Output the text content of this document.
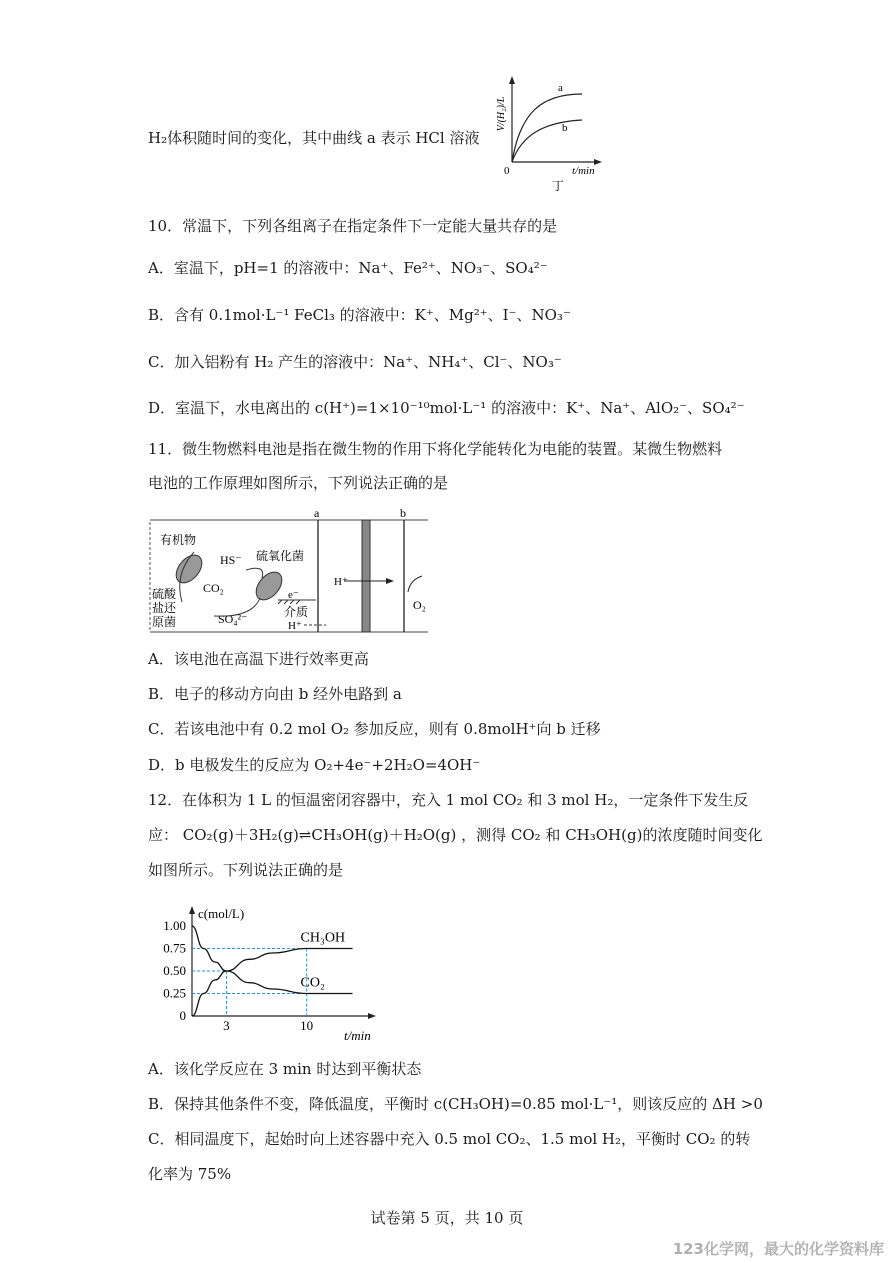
H₂体积随时间的变化，其中曲线 a 表示 HCl 溶液
V/(H₂)/L
a
b
0	t/min
丁
10．常温下，下列各组离子在指定条件下一定能大量共存的是
A．室温下，pH=1 的溶液中：Na⁺、Fe²⁺、NO₃⁻、SO₄²⁻
B．含有 0.1mol·L⁻¹ FeCl₃ 的溶液中：K⁺、Mg²⁺、I⁻、NO₃⁻
C．加入铝粉有 H₂ 产生的溶液中：Na⁺、NH₄⁺、Cl⁻、NO₃⁻
D．室温下，水电离出的 c(H⁺)=1×10⁻¹⁰mol·L⁻¹ 的溶液中：K⁺、Na⁺、AlO₂⁻、SO₄²⁻
11．微生物燃料电池是指在微生物的作用下将化学能转化为电能的装置。某微生物燃料
电池的工作原理如图所示，下列说法正确的是
a	b
有机物
HS⁻ 硫氧化菌
CO₂
SO₄²⁻
硫酸
盐还
原菌
e⁻
介质
H⁺
H⁺
O₂
A．该电池在高温下进行效率更高
B．电子的移动方向由 b 经外电路到 a
C．若该电池中有 0.2 mol O₂ 参加反应，则有 0.8molH⁺向 b 迁移
D．b 电极发生的反应为 O₂+4e⁻+2H₂O=4OH⁻
12．在体积为 1 L 的恒温密闭容器中，充入 1 mol CO₂ 和 3 mol H₂，一定条件下发生反
应： CO₂(g)＋3H₂(g)⇌CH₃OH(g)＋H₂O(g) ，测得 CO₂ 和 CH₃OH(g)的浓度随时间变化
如图所示。下列说法正确的是
1.00
0.75
0.50
0.25
0
3	10
CH₃OH
CO₂
c(mol/L)
t/min
A．该化学反应在 3 min 时达到平衡状态
B．保持其他条件不变，降低温度，平衡时 c(CH₃OH)=0.85 mol·L⁻¹，则该反应的 ΔH >0
C．相同温度下，起始时向上述容器中充入 0.5 mol CO₂、1.5 mol H₂，平衡时 CO₂ 的转
化率为 75%
试卷第 5 页，共 10 页
123化学网，最大的化学资料库
